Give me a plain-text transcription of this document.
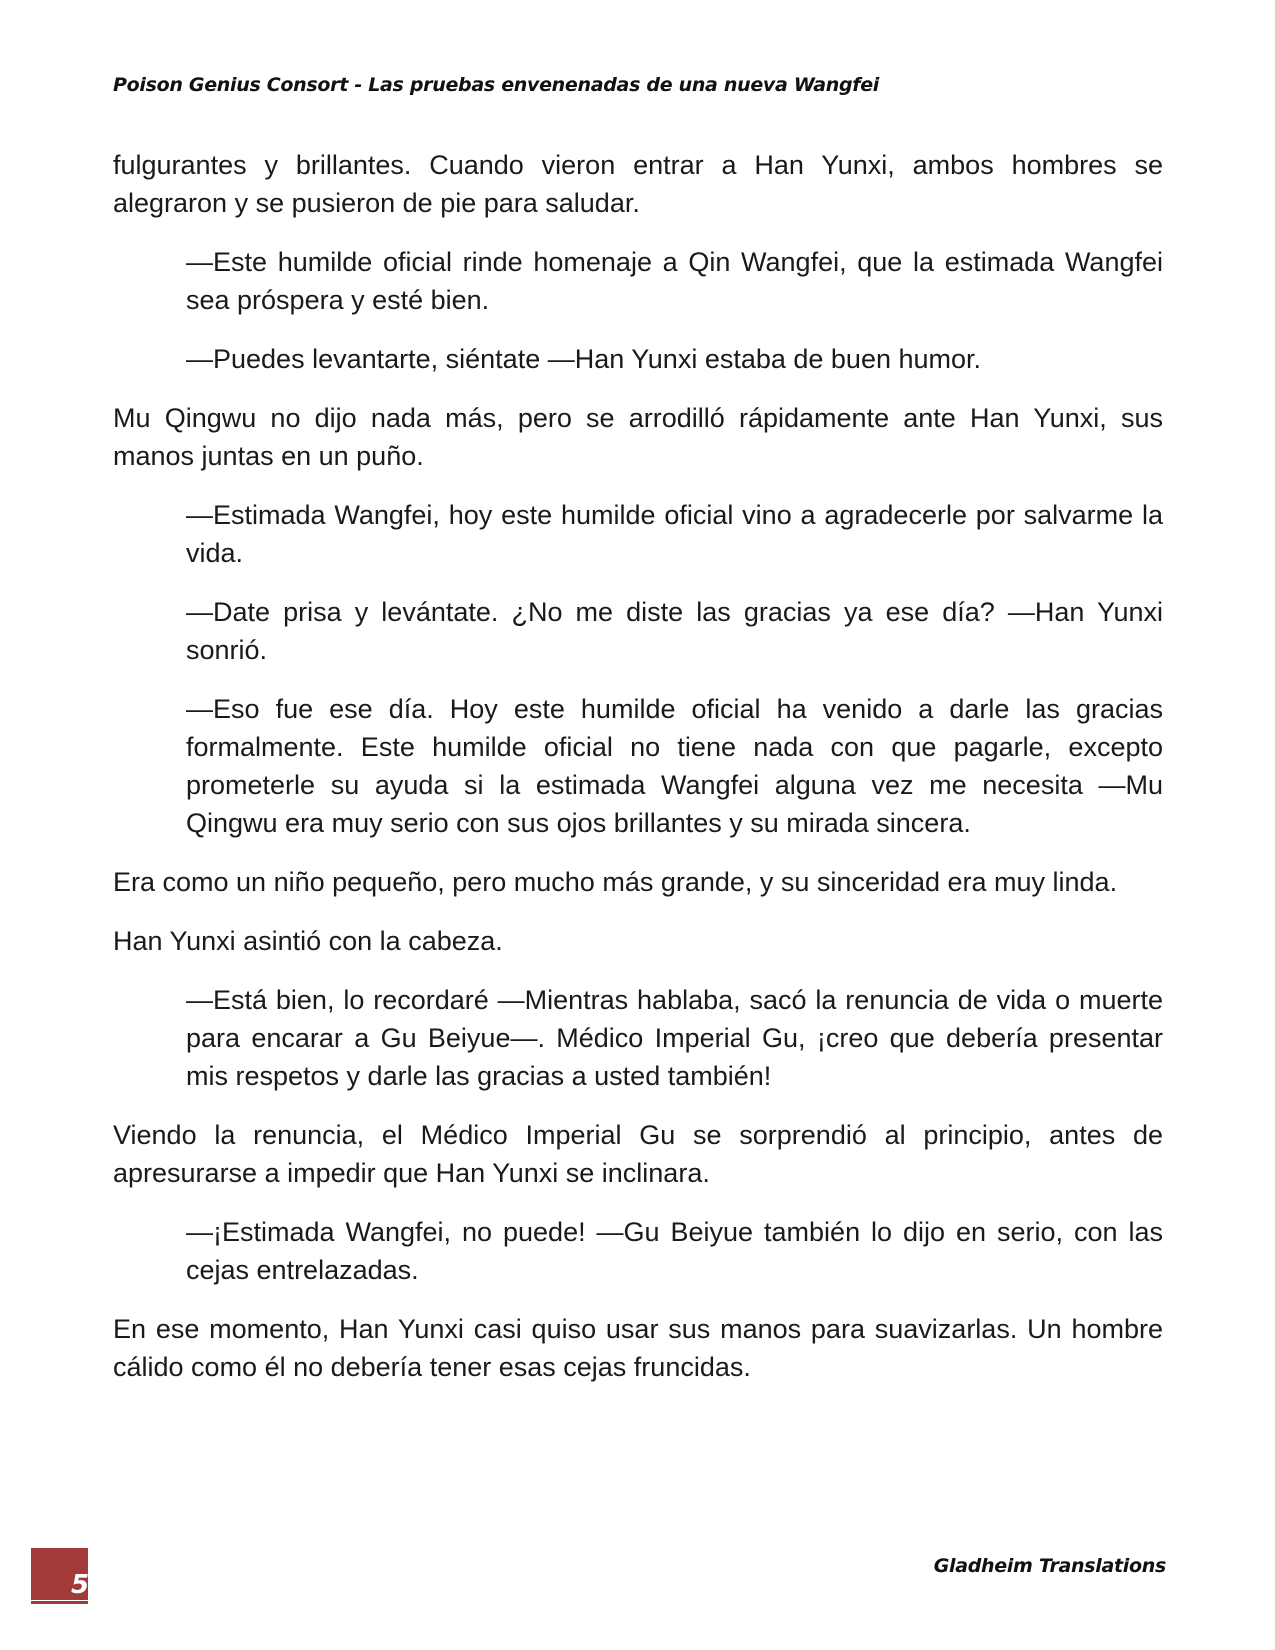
Poison Genius Consort - Las pruebas envenenadas de una nueva Wangfei

fulgurantes y brillantes. Cuando vieron entrar a Han Yunxi, ambos hombres se alegraron y se pusieron de pie para saludar.

—Este humilde oficial rinde homenaje a Qin Wangfei, que la estimada Wangfei sea próspera y esté bien.

—Puedes levantarte, siéntate —Han Yunxi estaba de buen humor.

Mu Qingwu no dijo nada más, pero se arrodilló rápidamente ante Han Yunxi, sus manos juntas en un puño.

—Estimada Wangfei, hoy este humilde oficial vino a agradecerle por salvarme la vida.

—Date prisa y levántate. ¿No me diste las gracias ya ese día? —Han Yunxi sonrió.

—Eso fue ese día. Hoy este humilde oficial ha venido a darle las gracias formalmente. Este humilde oficial no tiene nada con que pagarle, excepto prometerle su ayuda si la estimada Wangfei alguna vez me necesita —Mu Qingwu era muy serio con sus ojos brillantes y su mirada sincera.

Era como un niño pequeño, pero mucho más grande, y su sinceridad era muy linda.

Han Yunxi asintió con la cabeza.

—Está bien, lo recordaré —Mientras hablaba, sacó la renuncia de vida o muerte para encarar a Gu Beiyue—. Médico Imperial Gu, ¡creo que debería presentar mis respetos y darle las gracias a usted también!

Viendo la renuncia, el Médico Imperial Gu se sorprendió al principio, antes de apresurarse a impedir que Han Yunxi se inclinara.

—¡Estimada Wangfei, no puede! —Gu Beiyue también lo dijo en serio, con las cejas entrelazadas.

En ese momento, Han Yunxi casi quiso usar sus manos para suavizarlas. Un hombre cálido como él no debería tener esas cejas fruncidas.

5
Gladheim Translations
